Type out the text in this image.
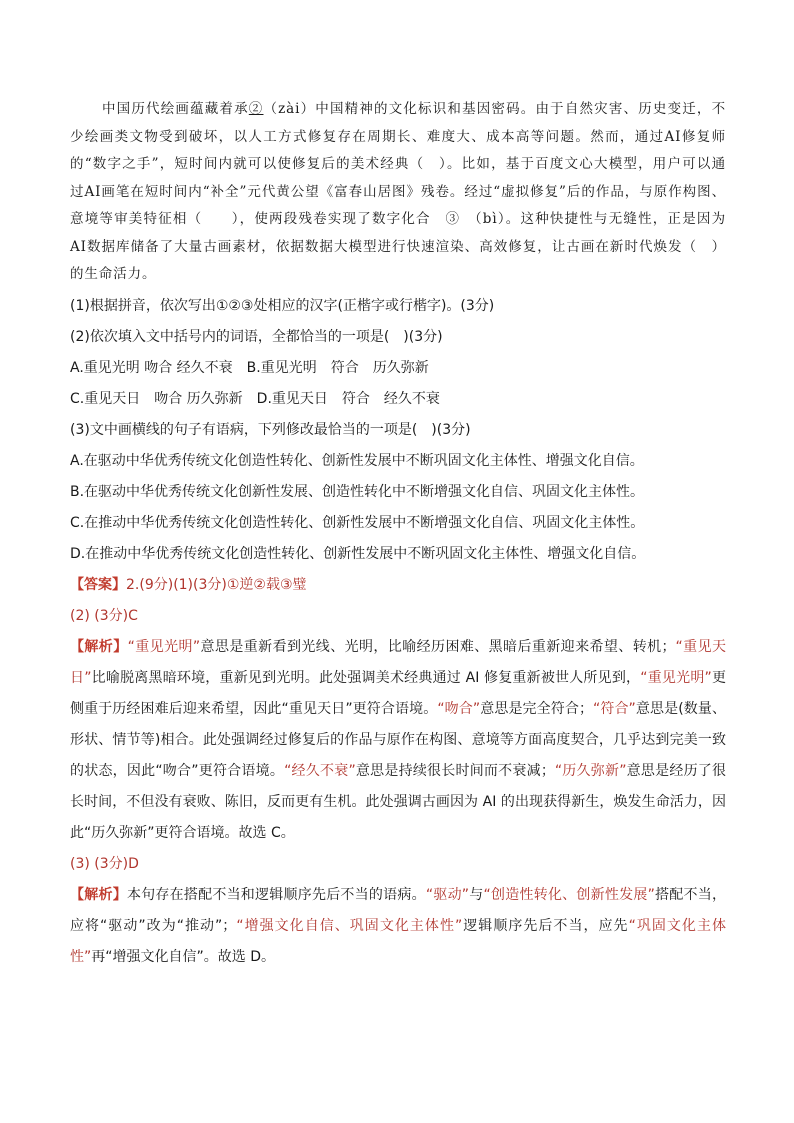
中国历代绘画蕴藏着承②（zài）中国精神的文化标识和基因密码。由于自然灾害、历史变迁，不少绘画类文物受到破坏，以人工方式修复存在周期长、难度大、成本高等问题。然而，通过AI修复师的“数字之手”，短时间内就可以使修复后的美术经典（　）。比如，基于百度文心大模型，用户可以通过AI画笔在短时间内“补全”元代黄公望《富春山居图》残卷。经过“虚拟修复”后的作品，与原作构图、意境等审美特征相（　　），使两段残卷实现了数字化合　③　（bì）。这种快捷性与无缝性，正是因为AI数据库储备了大量古画素材，依据数据大模型进行快速渲染、高效修复，让古画在新时代焕发（　）的生命活力。

(1)根据拼音，依次写出①②③处相应的汉字(正楷字或行楷字)。(3分)

(2)依次填入文中括号内的词语，全都恰当的一项是(　)(3分)

A.重见光明 吻合 经久不衰　B.重见光明　符合　历久弥新

C.重见天日　吻合 历久弥新　D.重见天日　符合　经久不衰

(3)文中画横线的句子有语病，下列修改最恰当的一项是(　)(3分)

A.在驱动中华优秀传统文化创造性转化、创新性发展中不断巩固文化主体性、增强文化自信。

B.在驱动中华优秀传统文化创新性发展、创造性转化中不断增强文化自信、巩固文化主体性。

C.在推动中华优秀传统文化创造性转化、创新性发展中不断增强文化自信、巩固文化主体性。

D.在推动中华优秀传统文化创造性转化、创新性发展中不断巩固文化主体性、增强文化自信。

【答案】2.(9分)(1)(3分)①逆②载③璧

(2) (3分)C

【解析】“重见光明”意思是重新看到光线、光明，比喻经历困难、黑暗后重新迎来希望、转机；“重见天日”比喻脱离黑暗环境，重新见到光明。此处强调美术经典通过 AI 修复重新被世人所见到，“重见光明”更侧重于历经困难后迎来希望，因此“重见天日”更符合语境。“吻合”意思是完全符合；“符合”意思是(数量、形状、情节等)相合。此处强调经过修复后的作品与原作在构图、意境等方面高度契合，几乎达到完美一致的状态，因此“吻合”更符合语境。“经久不衰”意思是持续很长时间而不衰减；“历久弥新”意思是经历了很长时间，不但没有衰败、陈旧，反而更有生机。此处强调古画因为 AI 的出现获得新生，焕发生命活力，因此“历久弥新”更符合语境。故选 C。

(3) (3分)D

【解析】本句存在搭配不当和逻辑顺序先后不当的语病。“驱动”与“创造性转化、创新性发展”搭配不当，应将“驱动”改为“推动”；“增强文化自信、巩固文化主体性”逻辑顺序先后不当，应先“巩固文化主体性”再“增强文化自信”。故选 D。
